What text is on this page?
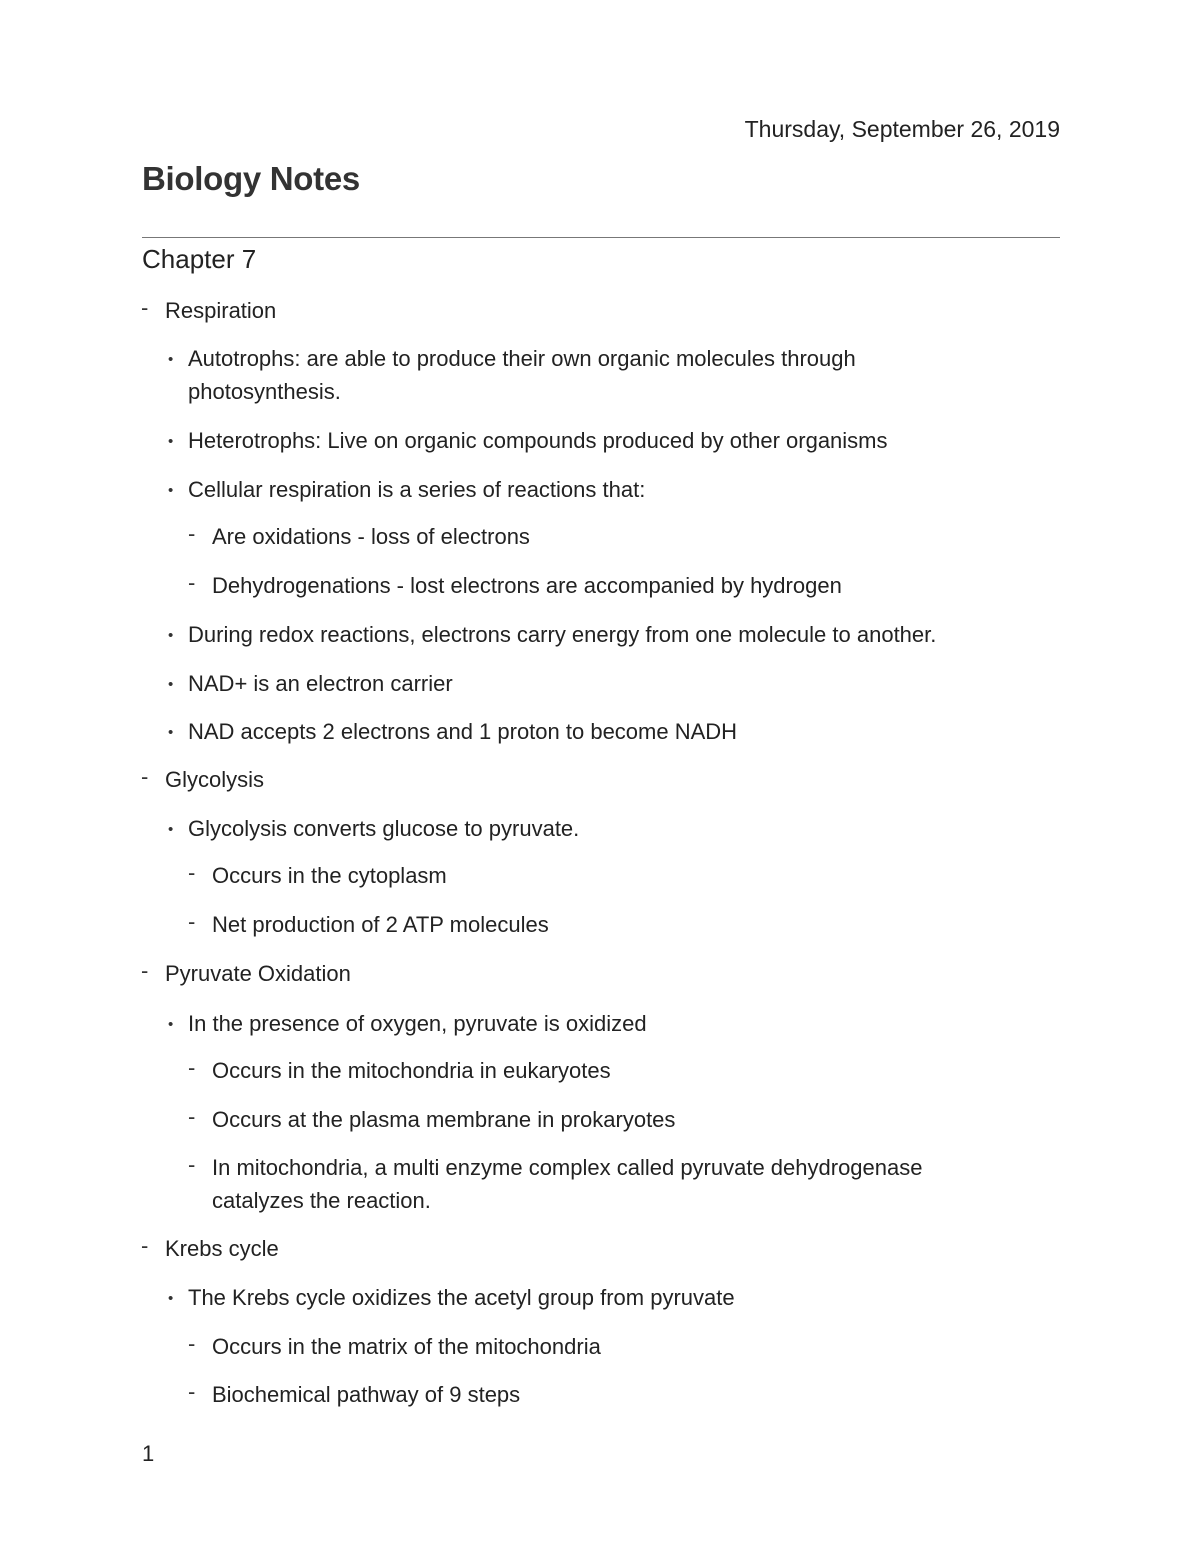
Thursday, September 26, 2019
Biology Notes
Chapter 7
- Respiration
• Autotrophs: are able to produce their own organic molecules through
photosynthesis.
• Heterotrophs: Live on organic compounds produced by other organisms
• Cellular respiration is a series of reactions that:
- Are oxidations - loss of electrons
- Dehydrogenations - lost electrons are accompanied by hydrogen
• During redox reactions, electrons carry energy from one molecule to another.
• NAD+ is an electron carrier
• NAD accepts 2 electrons and 1 proton to become NADH
- Glycolysis
• Glycolysis converts glucose to pyruvate.
- Occurs in the cytoplasm
- Net production of 2 ATP molecules
- Pyruvate Oxidation
• In the presence of oxygen, pyruvate is oxidized
- Occurs in the mitochondria in eukaryotes
- Occurs at the plasma membrane in prokaryotes
- In mitochondria, a multi enzyme complex called pyruvate dehydrogenase
catalyzes the reaction.
- Krebs cycle
• The Krebs cycle oxidizes the acetyl group from pyruvate
- Occurs in the matrix of the mitochondria
- Biochemical pathway of 9 steps
1
